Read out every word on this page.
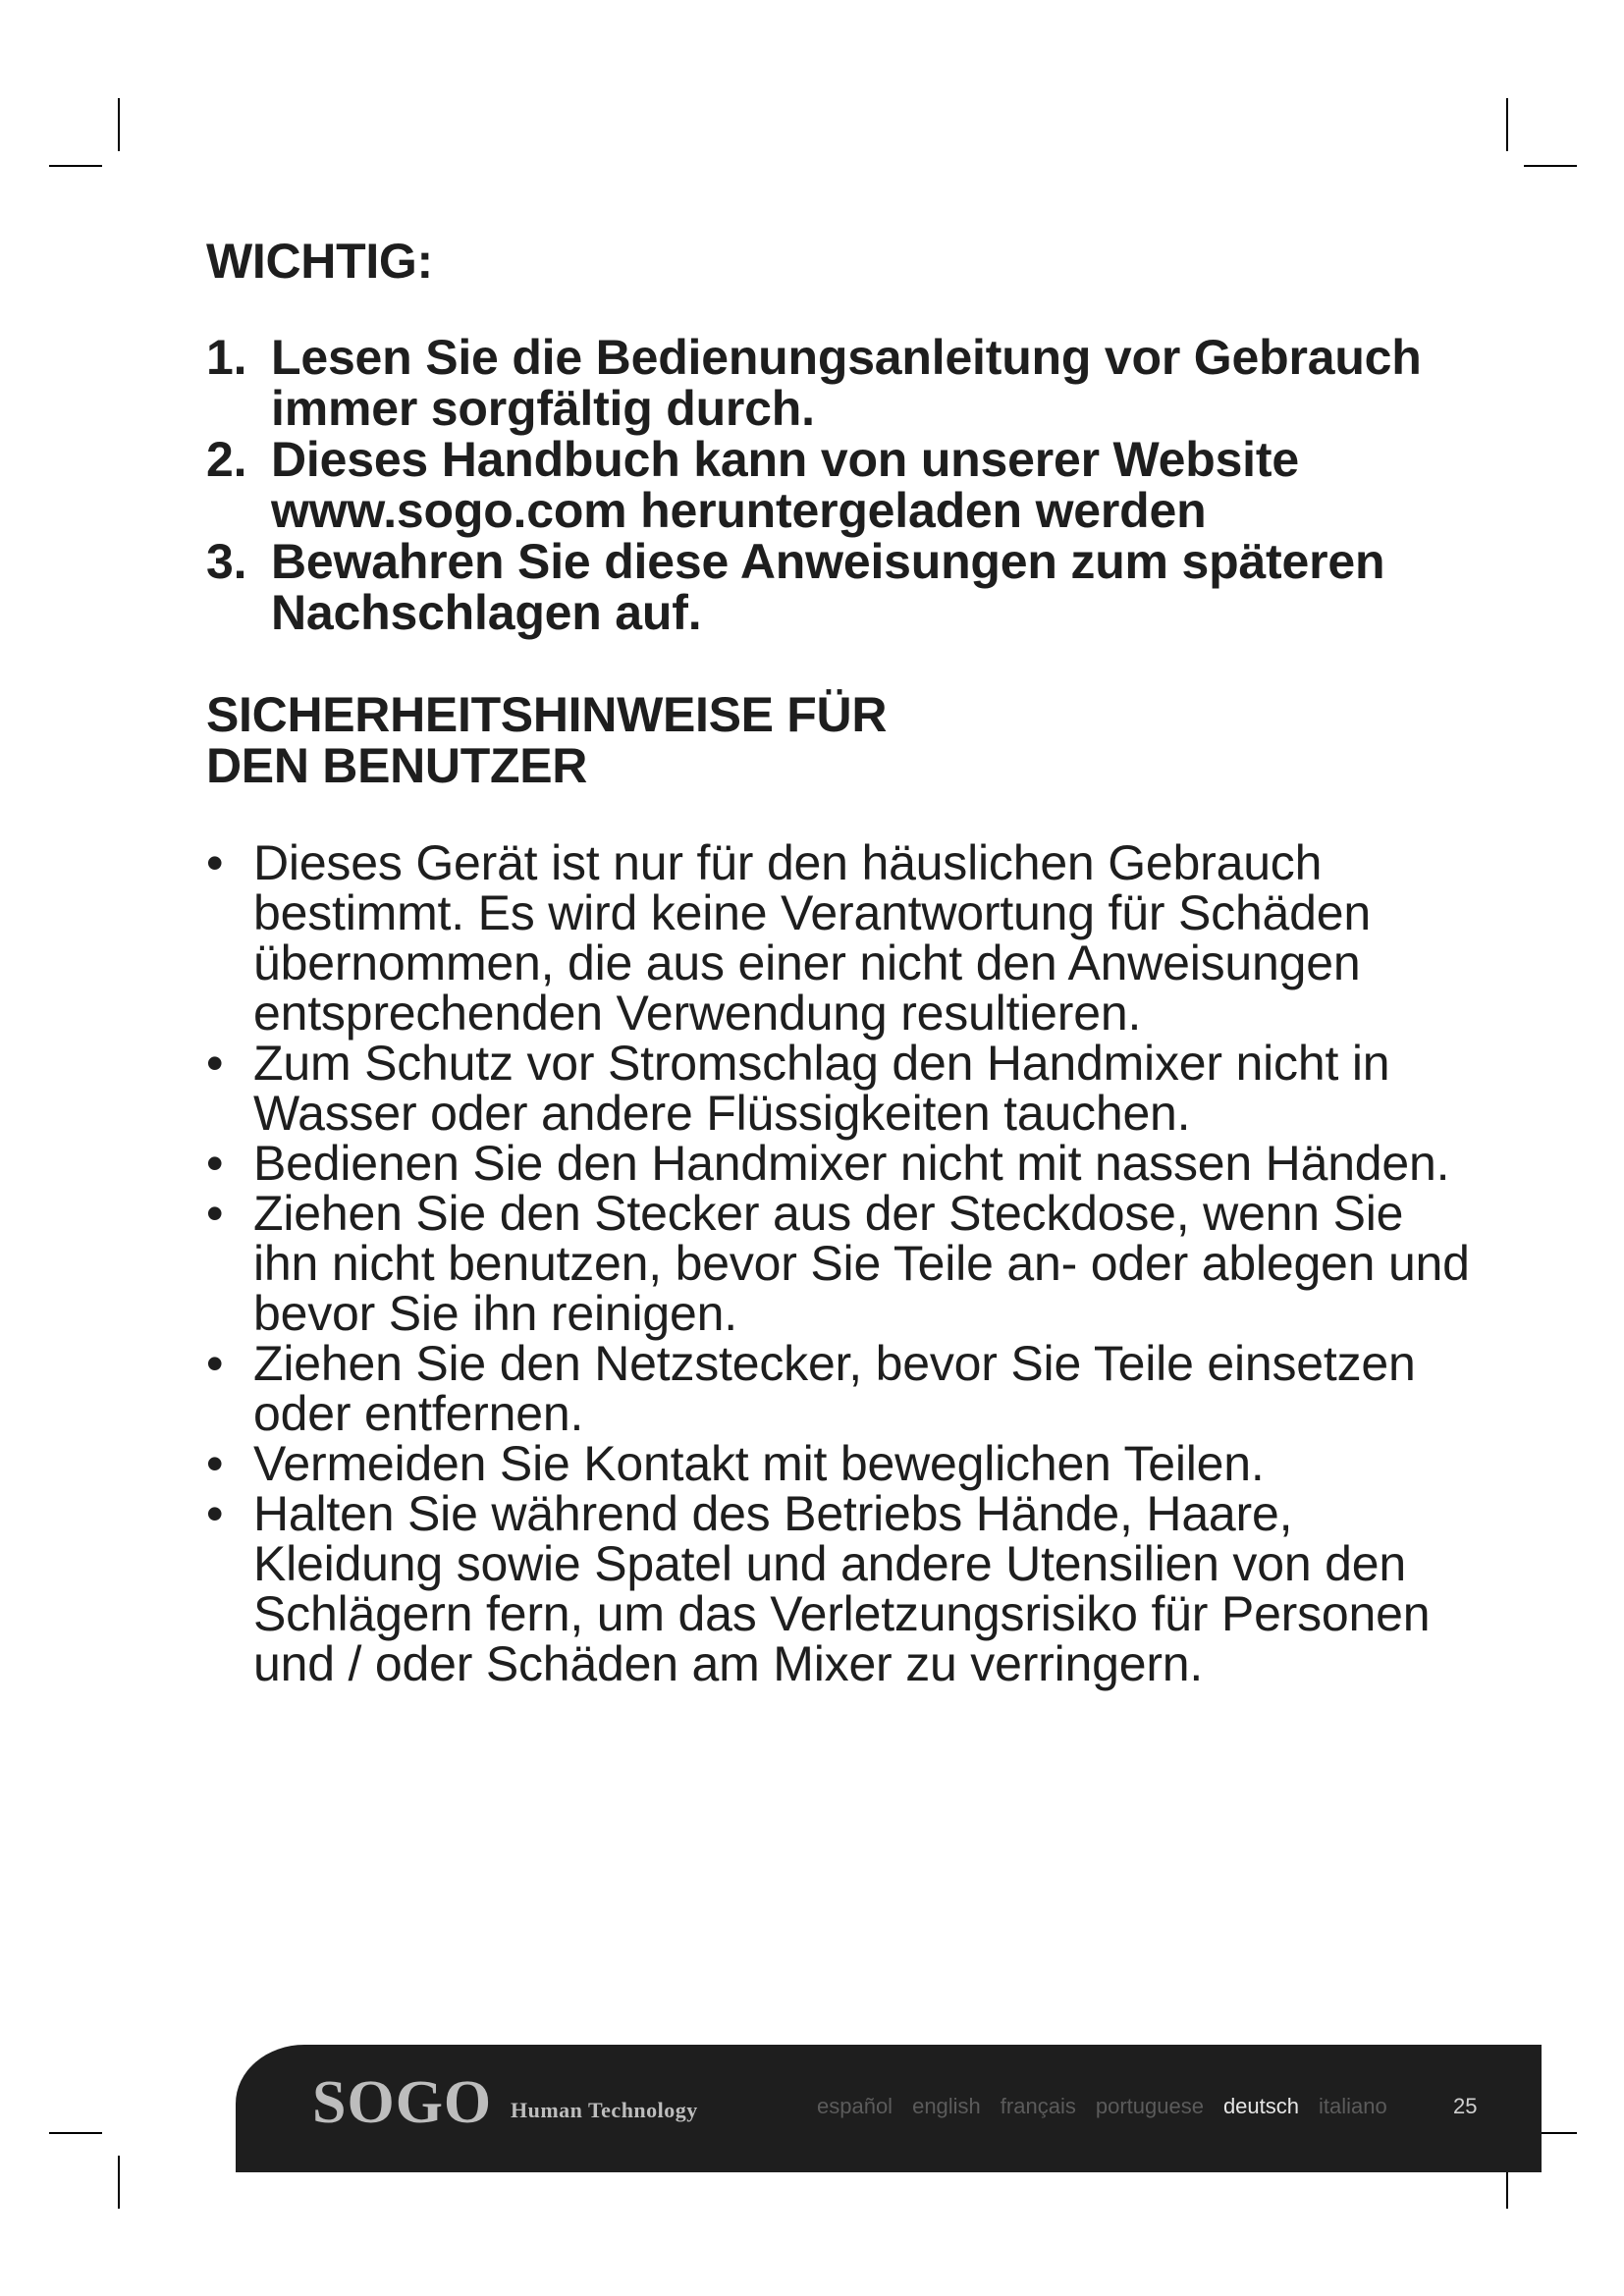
WICHTIG:
1. Lesen Sie die Bedienungsanleitung vor Gebrauch immer sorgfältig durch.
2. Dieses Handbuch kann von unserer Website www.sogo.com heruntergeladen werden
3. Bewahren Sie diese Anweisungen zum späteren Nachschlagen auf.
SICHERHEITSHINWEISE FÜR
DEN BENUTZER
• Dieses Gerät ist nur für den häuslichen Gebrauch bestimmt. Es wird keine Verantwortung für Schäden übernommen, die aus einer nicht den Anweisungen entsprechenden Verwendung resultieren.
• Zum Schutz vor Stromschlag den Handmixer nicht in Wasser oder andere Flüssigkeiten tauchen.
• Bedienen Sie den Handmixer nicht mit nassen Händen.
• Ziehen Sie den Stecker aus der Steckdose, wenn Sie ihn nicht benutzen, bevor Sie Teile an- oder ablegen und bevor Sie ihn reinigen.
• Ziehen Sie den Netzstecker, bevor Sie Teile einsetzen oder entfernen.
• Vermeiden Sie Kontakt mit beweglichen Teilen.
• Halten Sie während des Betriebs Hände, Haare, Kleidung sowie Spatel und andere Utensilien von den Schlägern fern, um das Verletzungsrisiko für Personen und / oder Schäden am Mixer zu verringern.
SOGO Human Technology	español english français portuguese deutsch italiano	25
